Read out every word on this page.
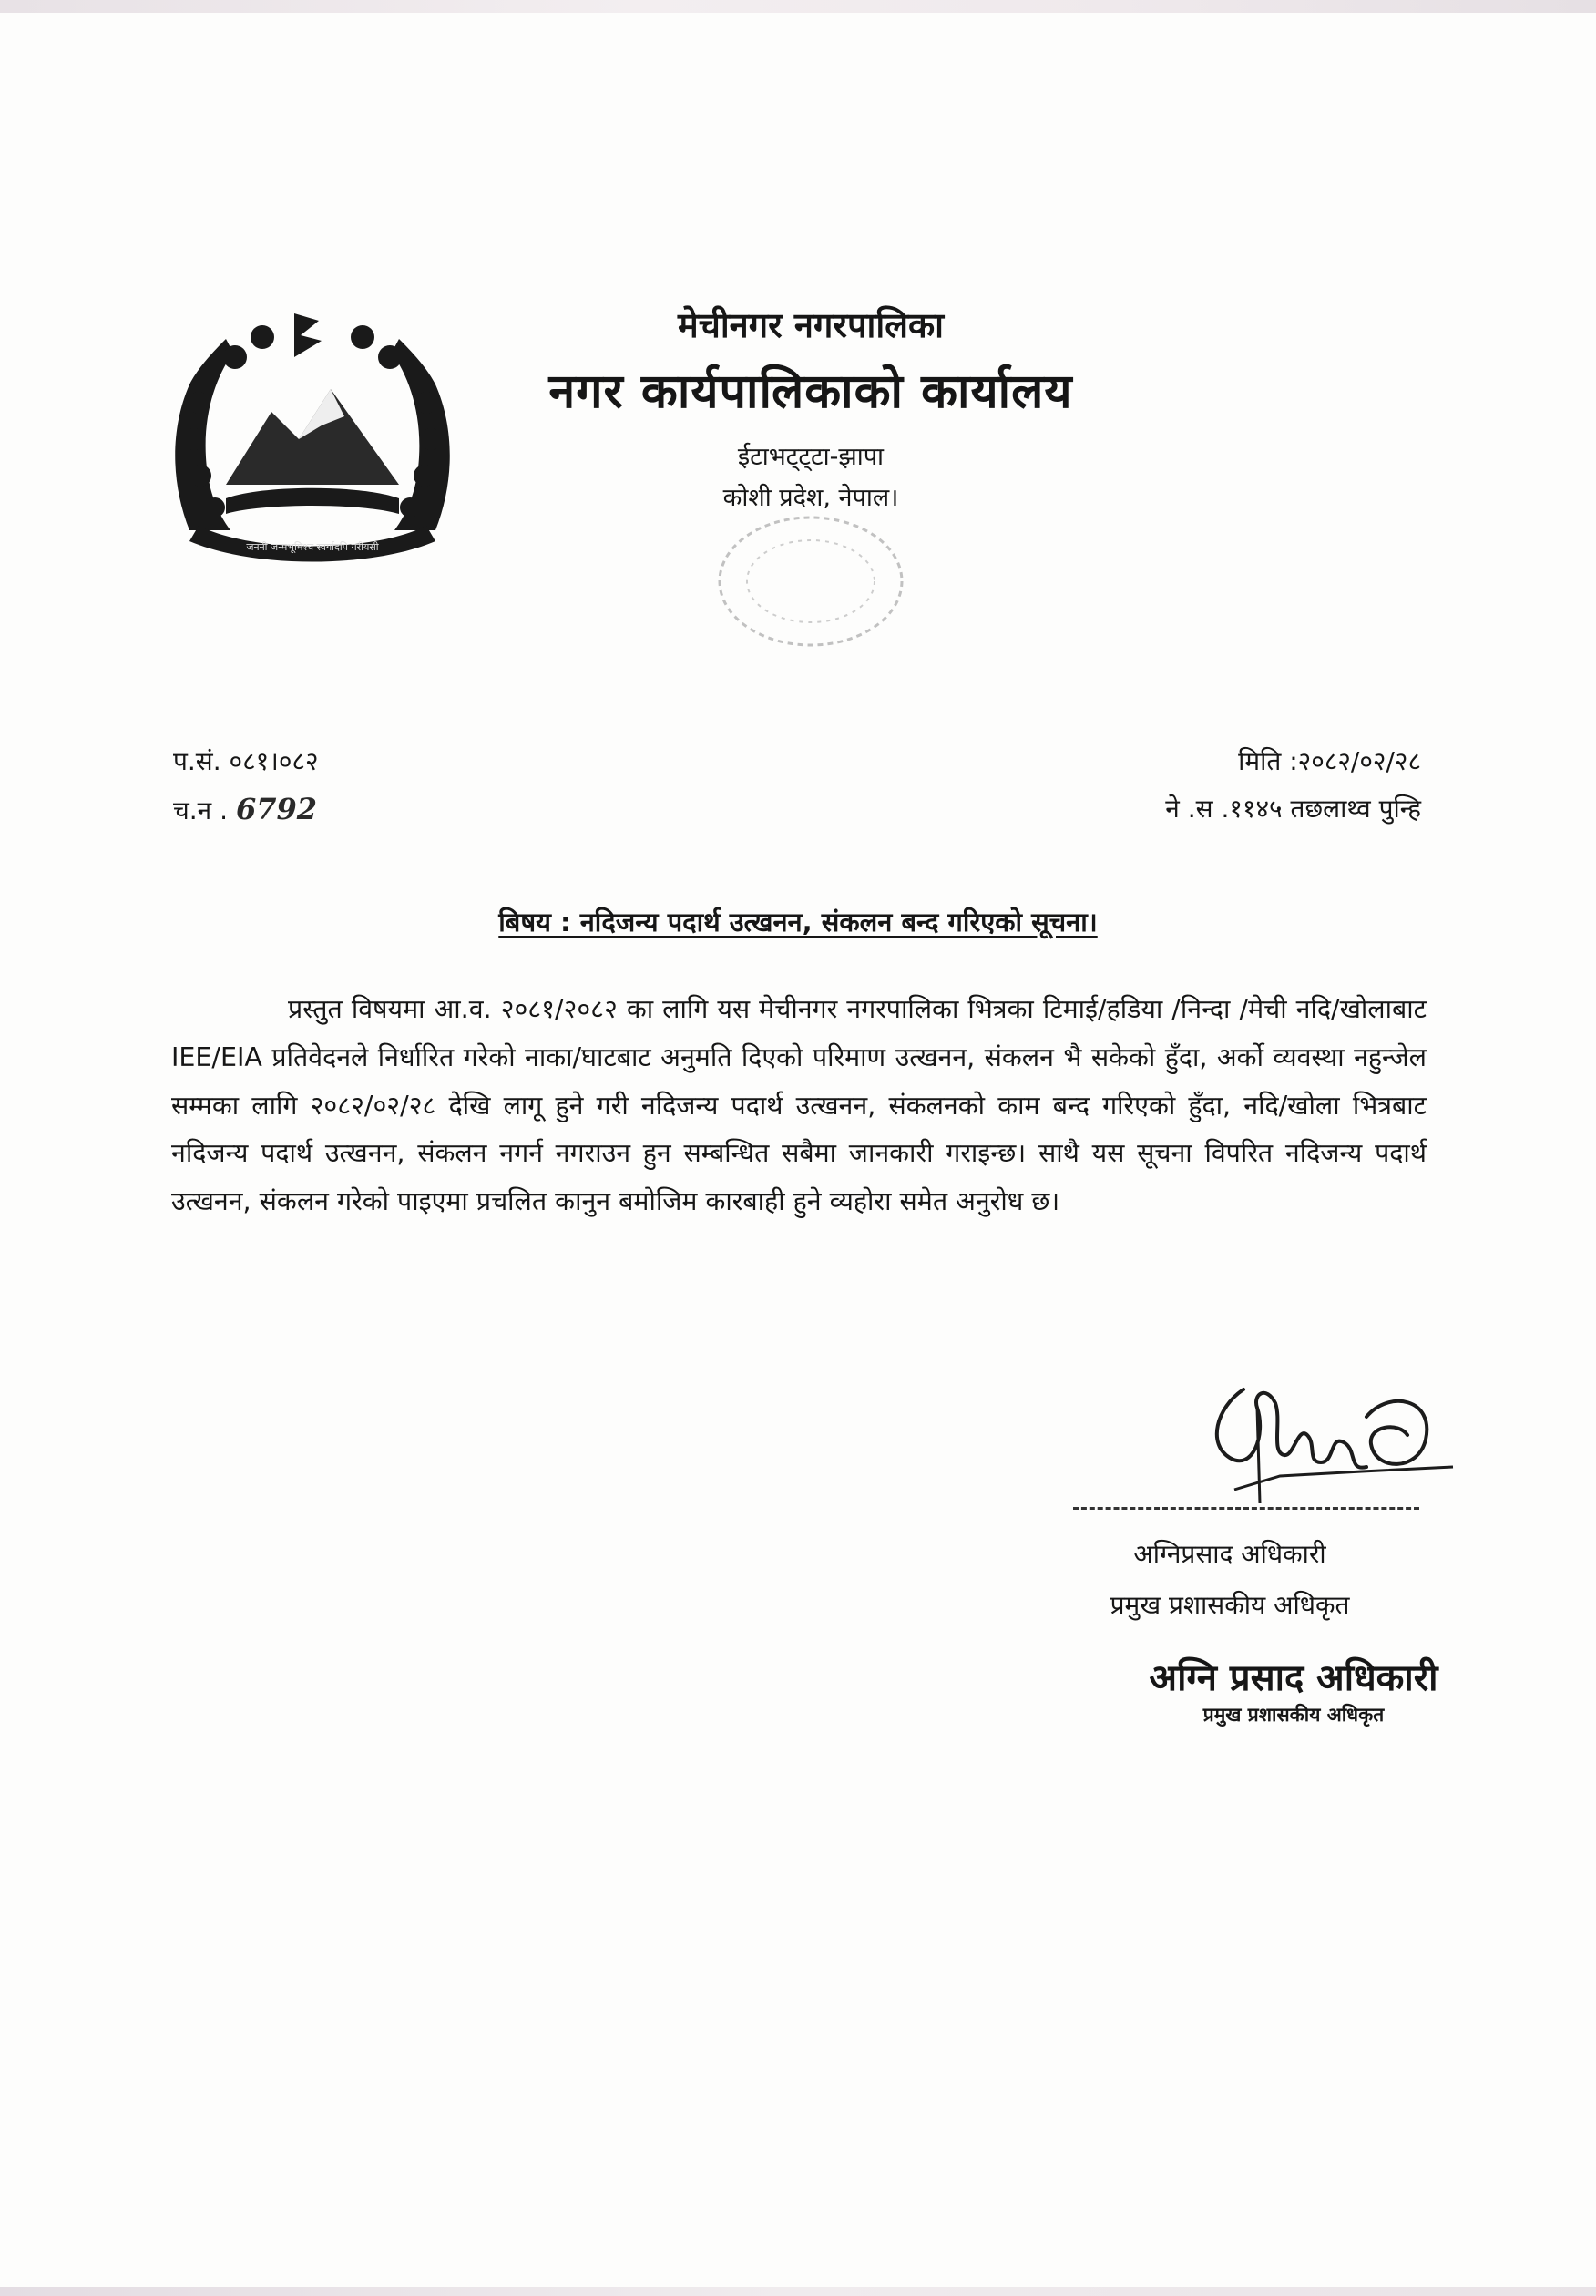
जननी जन्मभूमिश्च स्वर्गादपि गरीयसी
मेचीनगर नगरपालिका
नगर कार्यपालिकाको कार्यालय
ईटाभट्ट्टा-झापा
कोशी प्रदेश, नेपाल।
प.सं. ०८१।०८२
च.न . 6792
मिति :२०८२/०२/२८
ने .स .११४५ तछलाथ्व पुन्हि
बिषय : नदिजन्य पदार्थ उत्खनन, संकलन बन्द गरिएको सूचना।
प्रस्तुत विषयमा आ.व. २०८१/२०८२ का लागि यस मेचीनगर नगरपालिका भित्रका टिमाई/हडिया /निन्दा /मेची नदि/खोलाबाट IEE/EIA प्रतिवेदनले निर्धारित गरेको नाका/घाटबाट अनुमति दिएको परिमाण उत्खनन, संकलन भै सकेको हुँदा, अर्को व्यवस्था नहुन्जेल सम्मका लागि २०८२/०२/२८ देखि लागू हुने गरी नदिजन्य पदार्थ उत्खनन, संकलनको काम बन्द गरिएको हुँदा, नदि/खोला भित्रबाट नदिजन्य पदार्थ उत्खनन, संकलन नगर्न नगराउन हुन सम्बन्धित सबैमा जानकारी गराइन्छ। साथै यस सूचना विपरित नदिजन्य पदार्थ उत्खनन, संकलन गरेको पाइएमा प्रचलित कानुन बमोजिम कारबाही हुने व्यहोरा समेत अनुरोध छ।
अग्निप्रसाद अधिकारी
प्रमुख प्रशासकीय अधिकृत
अग्नि प्रसाद अधिकारी
प्रमुख प्रशासकीय अधिकृत
